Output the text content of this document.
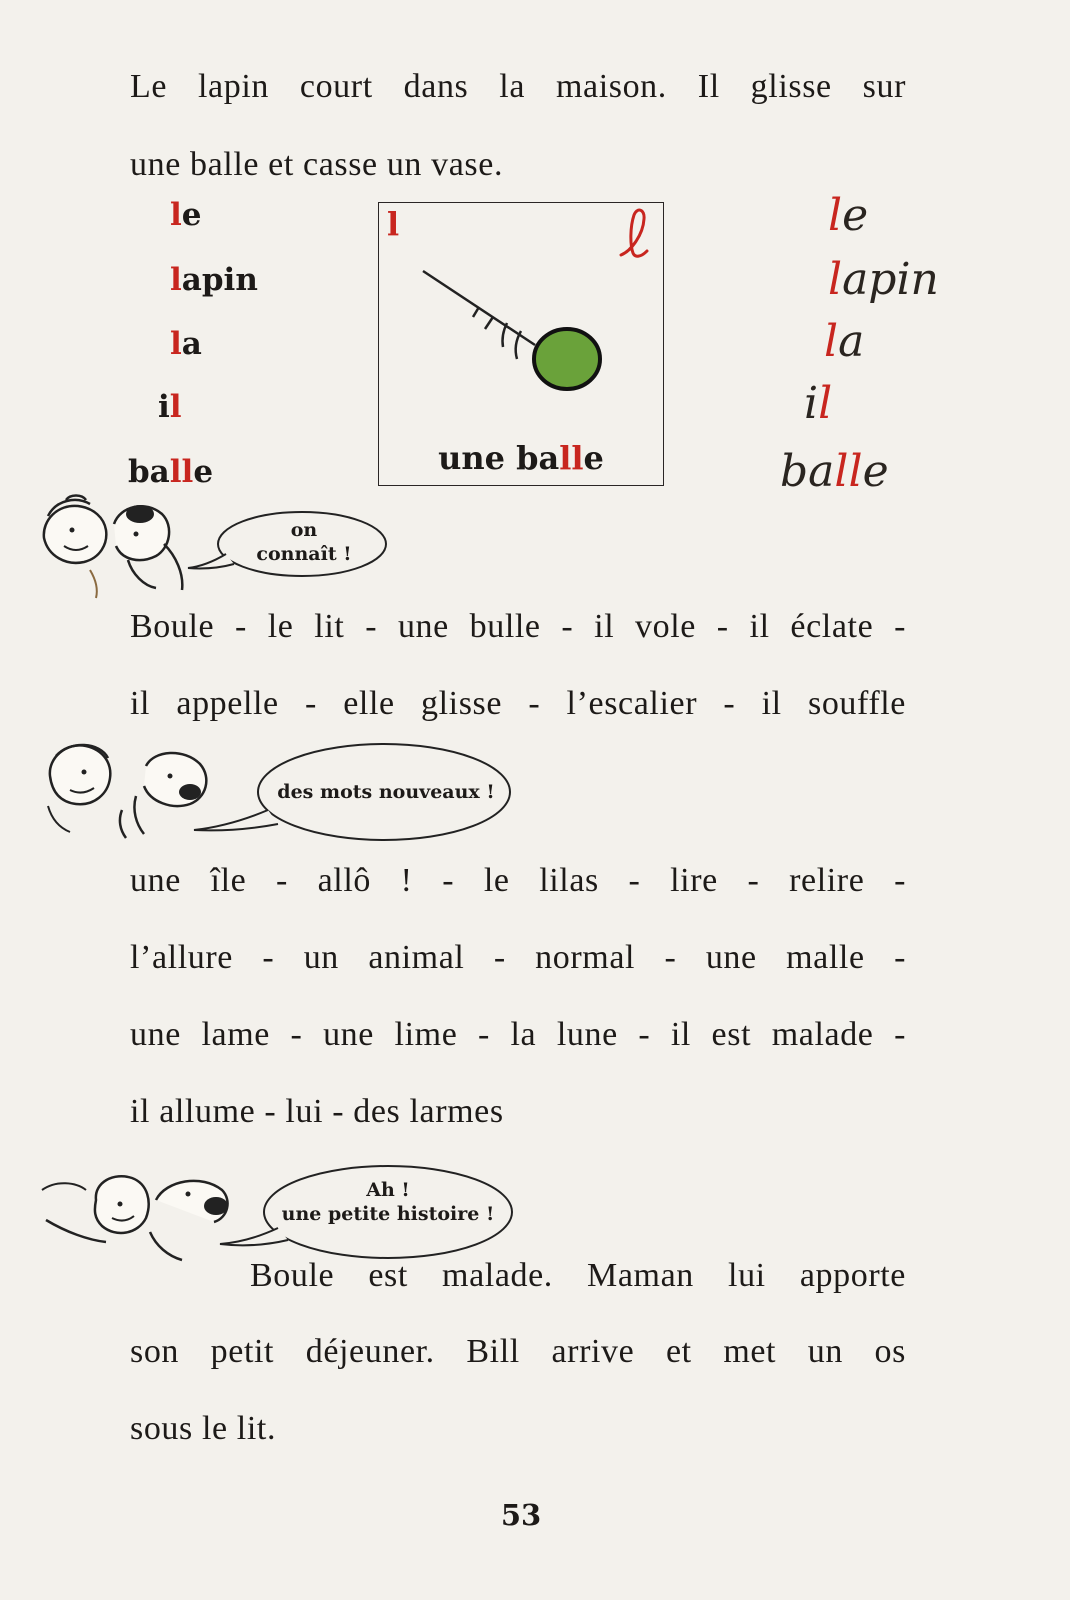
Le lapin court dans la maison. Il glisse sur
une balle et casse un vase.
le
lapin
la
il
balle
l
une balle
le
lapin
la
il
balle
on
connaît !
Boule - le lit - une bulle - il vole - il éclate -
il appelle - elle glisse - l’escalier - il souffle
des mots nouveaux !
une île - allô ! - le lilas - lire - relire -
l’allure - un animal - normal - une malle -
une lame - une lime - la lune - il est malade -
il allume - lui - des larmes
Ah !
une petite histoire !
Boule est malade. Maman lui apporte
son petit déjeuner. Bill arrive et met un os
sous le lit.
53
